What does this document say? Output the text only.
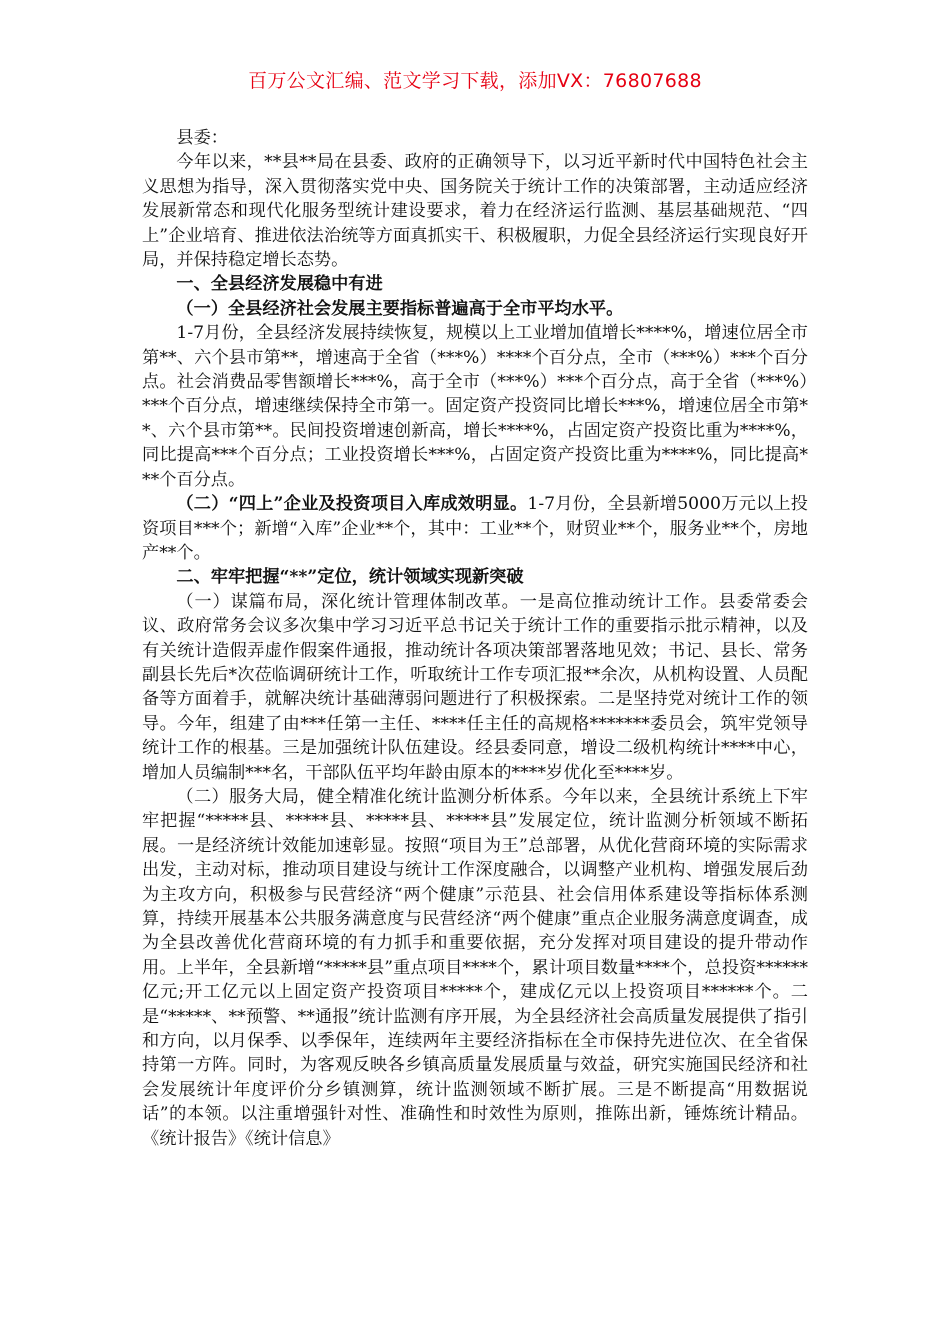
百万公文汇编、范文学习下载，添加VX：76807688

县委：

今年以来，**县**局在县委、政府的正确领导下，以习近平新时代中国特色社会主义思想为指导，深入贯彻落实党中央、国务院关于统计工作的决策部署，主动适应经济发展新常态和现代化服务型统计建设要求，着力在经济运行监测、基层基础规范、“四上”企业培育、推进依法治统等方面真抓实干、积极履职，力促全县经济运行实现良好开局，并保持稳定增长态势。

一、全县经济发展稳中有进

（一）全县经济社会发展主要指标普遍高于全市平均水平。

1-7月份，全县经济发展持续恢复，规模以上工业增加值增长****%，增速位居全市第**、六个县市第**，增速高于全省（***%）****个百分点，全市（***%）***个百分点。社会消费品零售额增长***%，高于全市（***%）***个百分点，高于全省（***%）***个百分点，增速继续保持全市第一。固定资产投资同比增长***%，增速位居全市第**、六个县市第**。民间投资增速创新高，增长****%，占固定资产投资比重为****%，同比提高***个百分点；工业投资增长***%，占固定资产投资比重为****%，同比提高***个百分点。

（二）“四上”企业及投资项目入库成效明显。1-7月份，全县新增5000万元以上投资项目***个；新增“入库”企业**个，其中：工业**个，财贸业**个，服务业**个，房地产**个。

二、牢牢把握“**”定位，统计领域实现新突破

（一）谋篇布局，深化统计管理体制改革。一是高位推动统计工作。县委常委会议、政府常务会议多次集中学习习近平总书记关于统计工作的重要指示批示精神，以及有关统计造假弄虚作假案件通报，推动统计各项决策部署落地见效；书记、县长、常务副县长先后*次莅临调研统计工作，听取统计工作专项汇报**余次，从机构设置、人员配备等方面着手，就解决统计基础薄弱问题进行了积极探索。二是坚持党对统计工作的领导。今年，组建了由***任第一主任、****任主任的高规格*******委员会，筑牢党领导统计工作的根基。三是加强统计队伍建设。经县委同意，增设二级机构统计****中心，增加人员编制***名，干部队伍平均年龄由原本的****岁优化至****岁。

（二）服务大局，健全精准化统计监测分析体系。今年以来，全县统计系统上下牢牢把握“*****县、*****县、*****县、*****县”发展定位，统计监测分析领域不断拓展。一是经济统计效能加速彰显。按照“项目为王”总部署，从优化营商环境的实际需求出发，主动对标，推动项目建设与统计工作深度融合，以调整产业机构、增强发展后劲为主攻方向，积极参与民营经济“两个健康”示范县、社会信用体系建设等指标体系测算，持续开展基本公共服务满意度与民营经济“两个健康”重点企业服务满意度调查，成为全县改善优化营商环境的有力抓手和重要依据，充分发挥对项目建设的提升带动作用。上半年，全县新增“*****县”重点项目****个，累计项目数量****个，总投资******亿元;开工亿元以上固定资产投资项目*****个，建成亿元以上投资项目******个。二是“*****、**预警、**通报”统计监测有序开展，为全县经济社会高质量发展提供了指引和方向，以月保季、以季保年，连续两年主要经济指标在全市保持先进位次、在全省保持第一方阵。同时，为客观反映各乡镇高质量发展质量与效益，研究实施国民经济和社会发展统计年度评价分乡镇测算，统计监测领域不断扩展。三是不断提高“用数据说话”的本领。以注重增强针对性、准确性和时效性为原则，推陈出新，锤炼统计精品。《统计报告》《统计信息》
